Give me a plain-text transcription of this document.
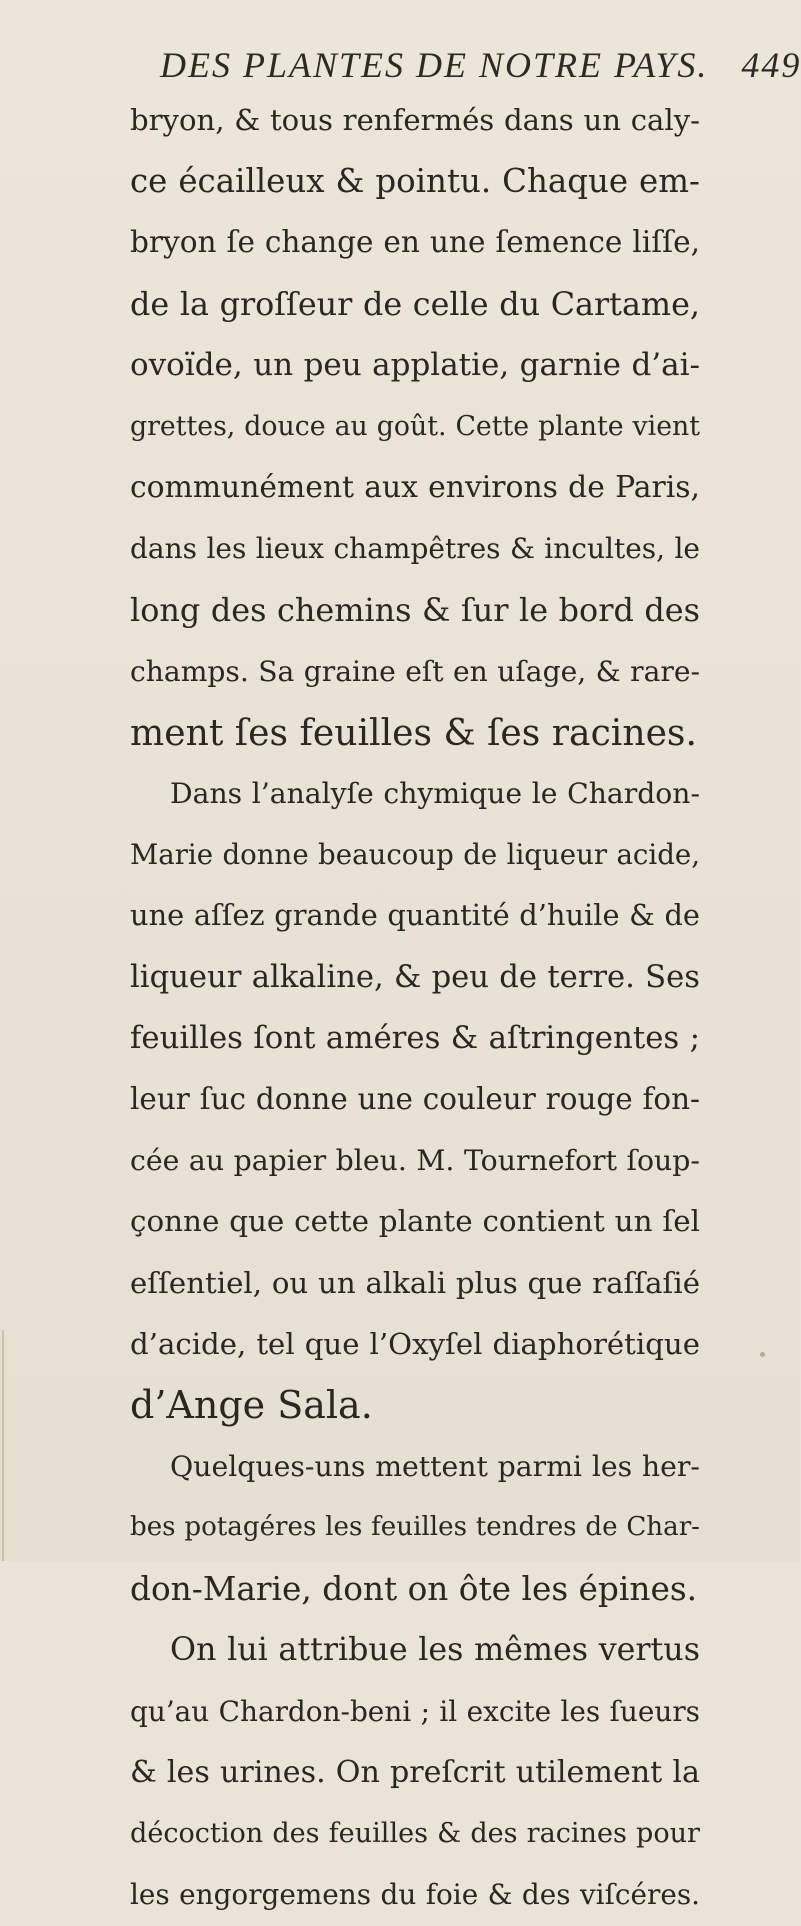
DES PLANTES DE NOTRE PAYS. 449
bryon, & tous renfermés dans un caly-
ce écailleux & pointu. Chaque em-
bryon ſe change en une ſemence liſſe,
de la groſſeur de celle du Cartame,
ovoïde, un peu applatie, garnie d’ai-
grettes, douce au goût. Cette plante vient
communément aux environs de Paris,
dans les lieux champêtres & incultes, le
long des chemins & ſur le bord des
champs. Sa graine eſt en uſage, & rare-
ment ſes feuilles & ſes racines.
Dans l’analyſe chymique le Chardon-
Marie donne beaucoup de liqueur acide,
une aſſez grande quantité d’huile & de
liqueur alkaline, & peu de terre. Ses
feuilles ſont améres & aſtringentes ;
leur ſuc donne une couleur rouge fon-
cée au papier bleu. M. Tournefort ſoup-
çonne que cette plante contient un ſel
eſſentiel, ou un alkali plus que raſſaſié
d’acide, tel que l’Oxyſel diaphorétique
d’Ange Sala.
Quelques-uns mettent parmi les her-
bes potagéres les feuilles tendres de Char-
don-Marie, dont on ôte les épines.
On lui attribue les mêmes vertus
qu’au Chardon-beni ; il excite les ſueurs
& les urines. On preſcrit utilement la
décoction des feuilles & des racines pour
les engorgemens du foie & des viſcéres.
